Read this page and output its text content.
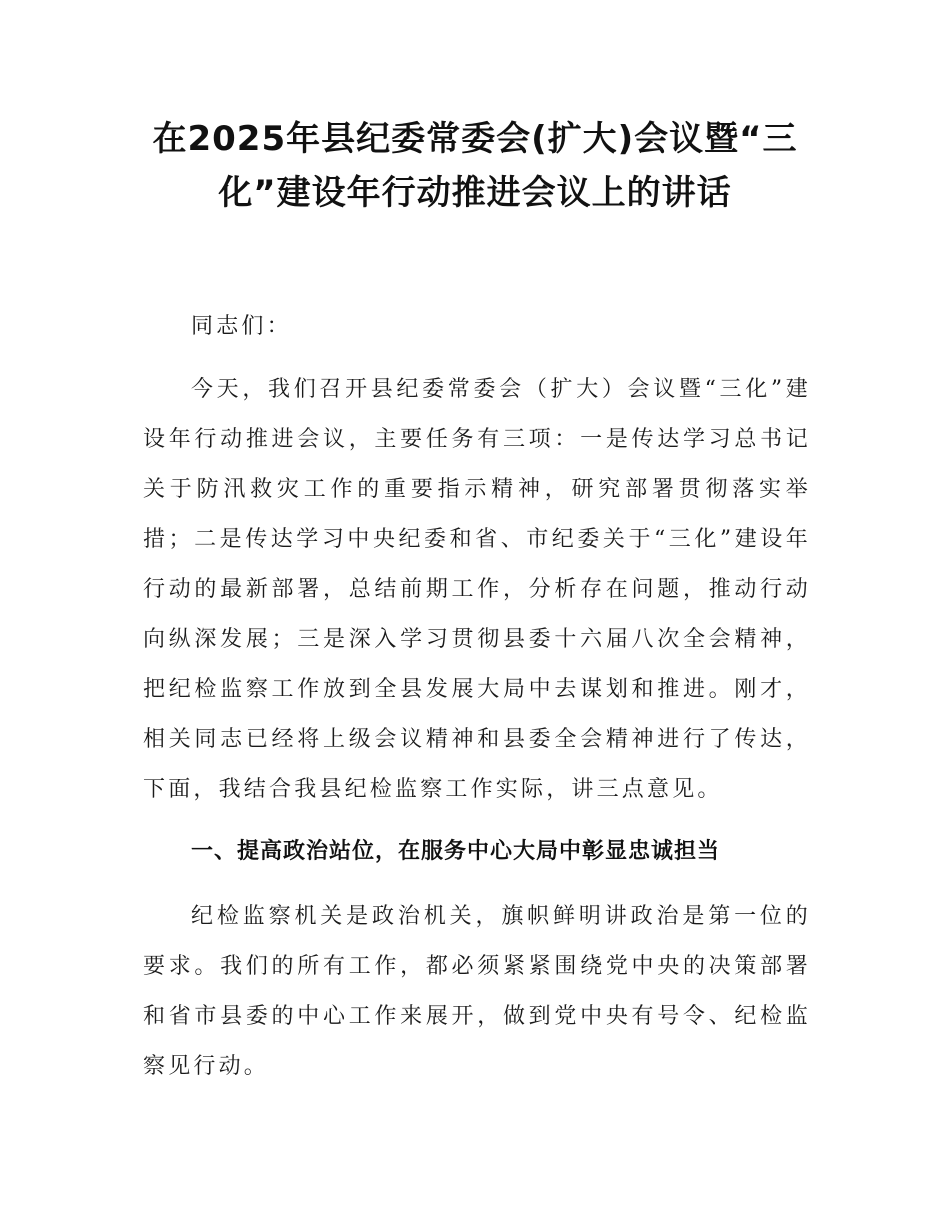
在2025年县纪委常委会(扩大)会议暨“三
化”建设年行动推进会议上的讲话

同志们：

今天，我们召开县纪委常委会（扩大）会议暨“三化”建设年行动推进会议，主要任务有三项：一是传达学习总书记关于防汛救灾工作的重要指示精神，研究部署贯彻落实举措；二是传达学习中央纪委和省、市纪委关于“三化”建设年行动的最新部署，总结前期工作，分析存在问题，推动行动向纵深发展；三是深入学习贯彻县委十六届八次全会精神，把纪检监察工作放到全县发展大局中去谋划和推进。刚才，相关同志已经将上级会议精神和县委全会精神进行了传达，下面，我结合我县纪检监察工作实际，讲三点意见。

一、提高政治站位，在服务中心大局中彰显忠诚担当

纪检监察机关是政治机关，旗帜鲜明讲政治是第一位的要求。我们的所有工作，都必须紧紧围绕党中央的决策部署和省市县委的中心工作来展开，做到党中央有号令、纪检监察见行动。
